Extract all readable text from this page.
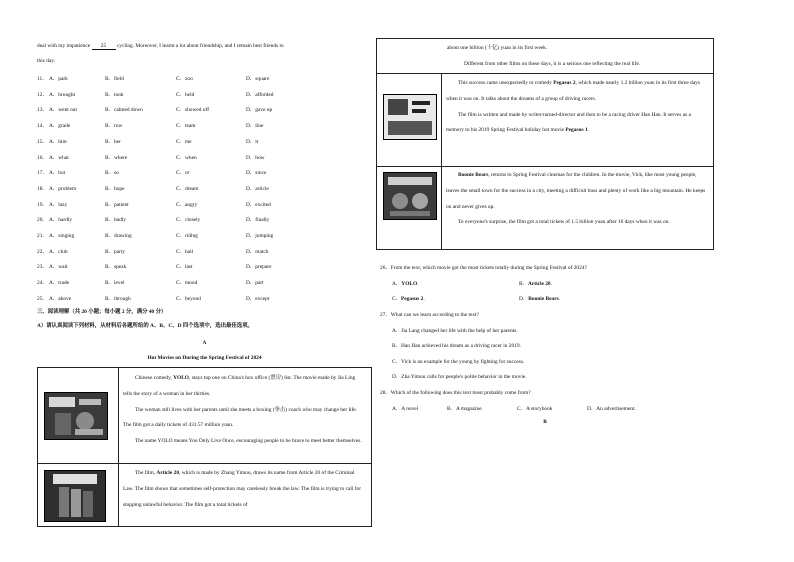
deal with my impatience 25 cycling. Moreover, I learnt a lot about friendship, and I remain best friends to
this day.
11． A．park	B．field	C．zoo	D．square
12． A．brought	B．took	C．held	D．afforded
13． A．went out	B．calmed down	C．showed off	D．gave up
14． A．grade	B．row	C．team	D．line
15． A．him	B．her	C．me	D．it
16． A．what	B．where	C．when	D．how
17． A．but	B．so	C．or	D．since
18． A．problem	B．hope	C．dream	D．article
19． A．lazy	B．patient	C．angry	D．excited
20． A．hardly	B．badly	C．closely	D．finally
21． A．singing	B．drawing	C．riding	D．jumping
22． A．club	B．party	C．hall	D．match
23． A．wait	B．speak	C．last	D．prepare
24． A．trade	B．level	C．mood	D．part
25． A．above	B．through	C．beyond	D．except
三、阅读理解（共 20 小题；每小题 2 分，满分 40 分）
A）请认真阅读下列材料，从材料后各题所给的 A、B、C、D 四个选项中，选出最佳选项。
A
Hot Movies on During the Spring Festival of 2024

Chinese comedy, YOLO, stays top one on China's box office (票房) list. The movie made by Jia Ling tells the story of a woman in her thirties.

The woman still lives with her parents until she meets a boxing (拳击) coach who may change her life. The film got a daily tickets of 431.57 million yuan.

The name YOLO means You Only Live Once, encouraging people to be brave to meet better themselves.

The film, Article 20, which is made by Zhang Yimou, draws its name from Article 20 of the Criminal Law. The film shows that sometimes self-protection may carelessly break the law. The film is trying to call for stopping unlawful behavior. The film got a total tickets of

about one billion (十亿) yuan in its first week.

Different from other films on these days, it is a serious one reflecting the real life.	

This success came unexpectedly to comedy Pegasus 2, which made nearly 1.2 billion yuan in its first three days when it was on. It talks about the dreams of a group of driving racers.

The film is written and made by writer-turned-director and then to be a racing driver Han Han. It serves as a memory to his 2019 Spring Festival holiday hot movie Pegasus 1.

Boonie Bears, returns to Spring Festival cinemas for the children. In the movie, Vick, like most young people, leaves the small town for the success in a city, meeting a difficult boss and plenty of work like a big mountain. He keeps on and never gives up.

To everyone's surprise, the film got a total tickets of 1.5 billion yuan after 10 days when it was on.

26．From the text, which movie got the most tickets totally during the Spring Festival of 2024?
A．YOLO.	B．Article 20.
C．Pegasus 2.	D．Boonie Bears.
27．What can we learn according to the text?
A．Jia Lang changed her life with the help of her parents.
B．Han Han achieved his dream as a driving racer in 2019.
C．Vick is an example for the young by fighting for success.
D．Zha Yimou calls for people's polite behavior in the movie.
28．Which of the following does this text most probably come from?
A．A novel	B．A magazine	C．A storybook	D．An advertisement.
B
